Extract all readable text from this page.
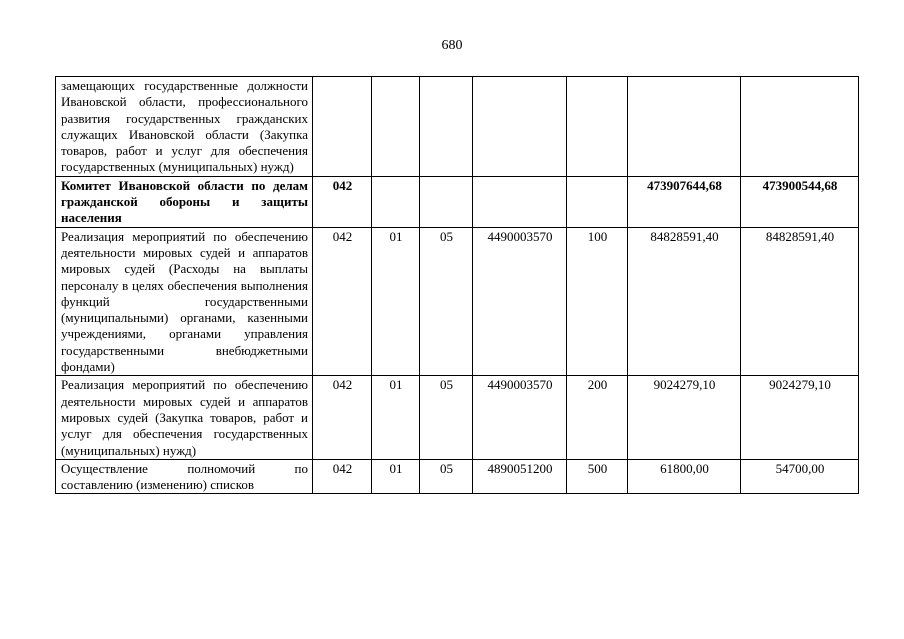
680
замещающих государственные должности Ивановской области, профессионального развития государственных гражданских служащих Ивановской области (Закупка товаров, работ и услуг для обеспечения государственных (муниципальных) нужд)							
Комитет Ивановской области по делам гражданской обороны и защиты населения	042					473907644,68	473900544,68
Реализация мероприятий по обеспечению деятельности мировых судей и аппаратов мировых судей (Расходы на выплаты персоналу в целях обеспечения выполнения функций государственными (муниципальными) органами, казенными учреждениями, органами управления государственными внебюджетными фондами)	042	01	05	4490003570	100	84828591,40	84828591,40
Реализация мероприятий по обеспечению деятельности мировых судей и аппаратов мировых судей (Закупка товаров, работ и услуг для обеспечения государственных (муниципальных) нужд)	042	01	05	4490003570	200	9024279,10	9024279,10
Осуществление полномочий по составлению (изменению) списков	042	01	05	4890051200	500	61800,00	54700,00
